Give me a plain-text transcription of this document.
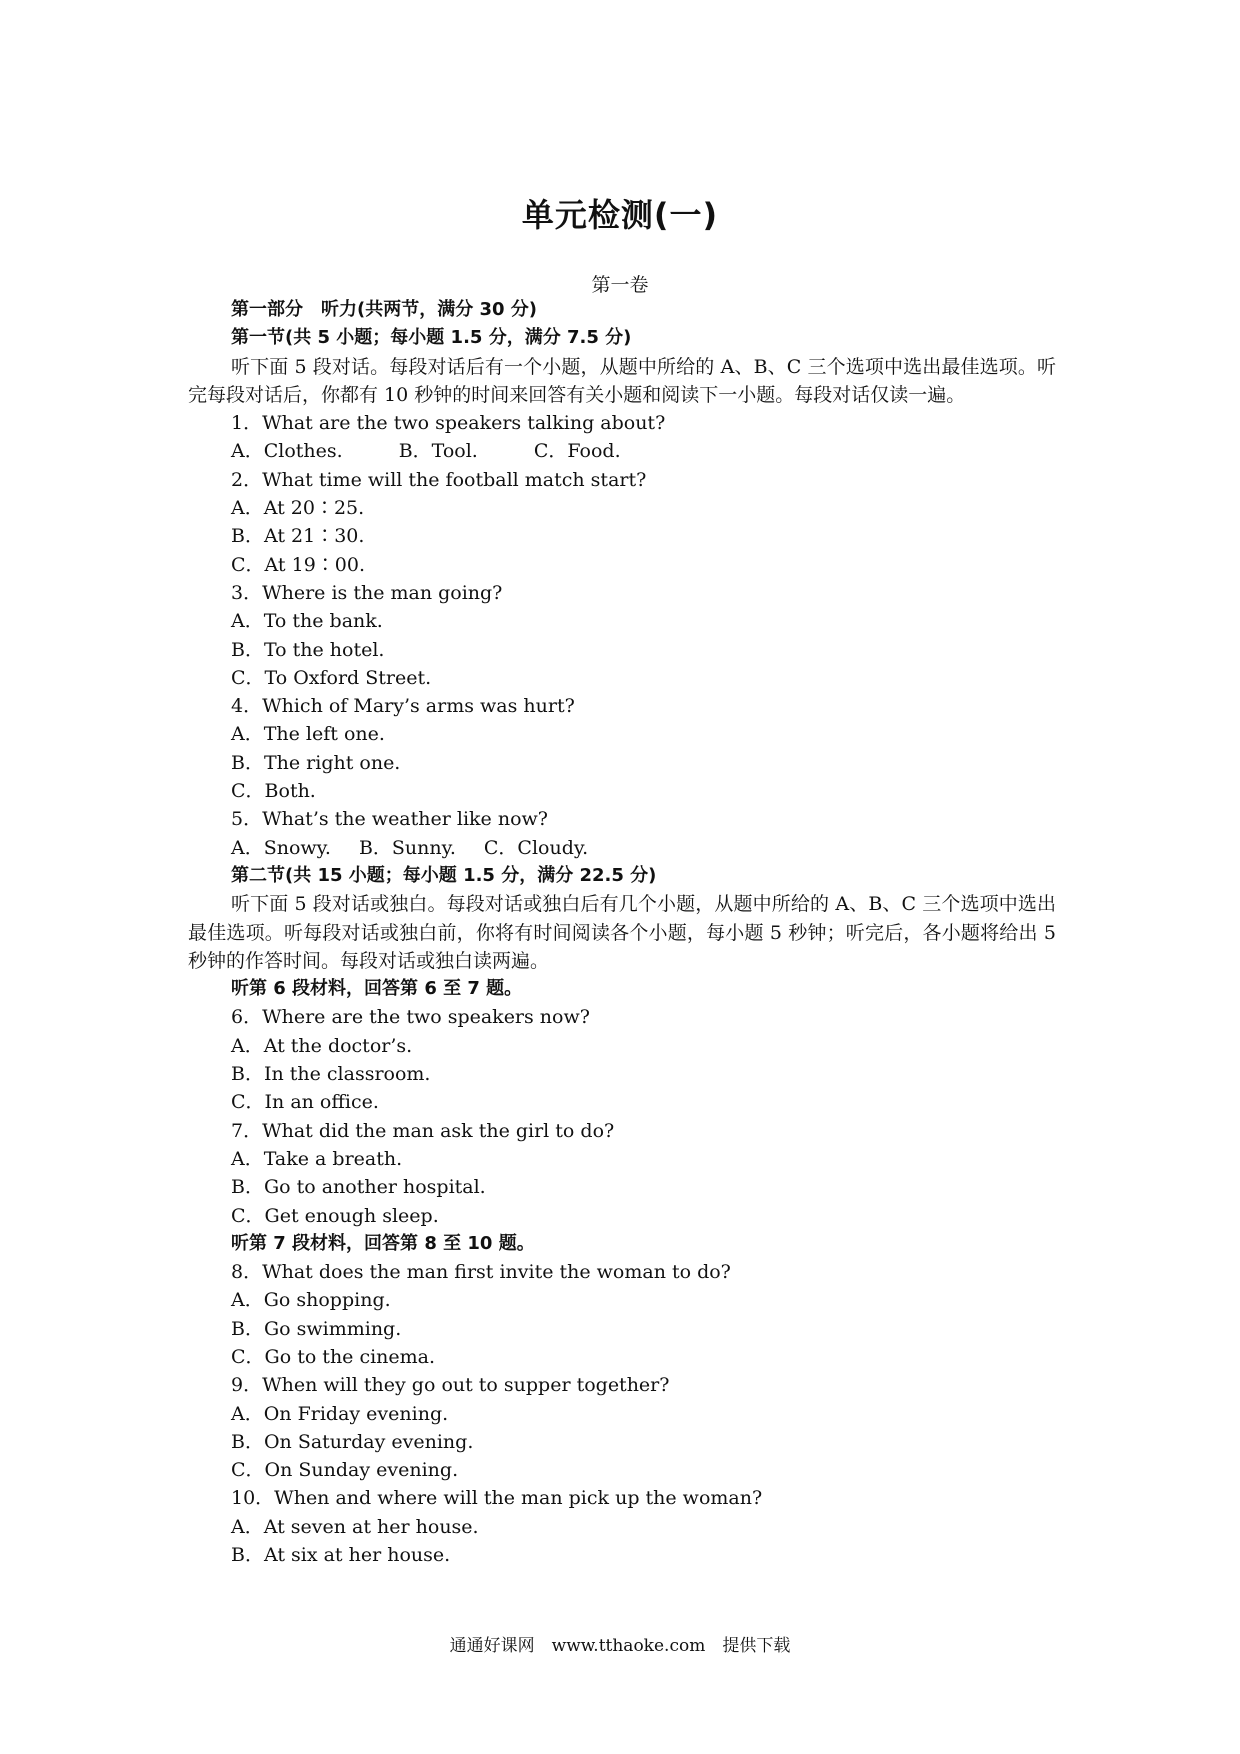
单元检测(一)
第一卷
第一部分　听力(共两节，满分 30 分)
第一节(共 5 小题；每小题 1.5 分，满分 7.5 分)
听下面 5 段对话。每段对话后有一个小题，从题中所给的 A、B、C 三个选项中选出最佳选项。听完每段对话后，你都有 10 秒钟的时间来回答有关小题和阅读下一小题。每段对话仅读一遍。
1．What are the two speakers talking about?
A．Clothes.	B．Tool.	C．Food.
2．What time will the football match start?
A．At 20∶25.
B．At 21∶30.
C．At 19∶00.
3．Where is the man going?
A．To the bank.
B．To the hotel.
C．To Oxford Street.
4．Which of Mary’s arms was hurt?
A．The left one.
B．The right one.
C．Both.
5．What’s the weather like now?
A．Snowy. B．Sunny. C．Cloudy.
第二节(共 15 小题；每小题 1.5 分，满分 22.5 分)
听下面 5 段对话或独白。每段对话或独白后有几个小题，从题中所给的 A、B、C 三个选项中选出最佳选项。听每段对话或独白前，你将有时间阅读各个小题，每小题 5 秒钟；听完后，各小题将给出 5 秒钟的作答时间。每段对话或独白读两遍。
听第 6 段材料，回答第 6 至 7 题。
6．Where are the two speakers now?
A．At the doctor’s.
B．In the classroom.
C．In an office.
7．What did the man ask the girl to do?
A．Take a breath.
B．Go to another hospital.
C．Get enough sleep.
听第 7 段材料，回答第 8 至 10 题。
8．What does the man first invite the woman to do?
A．Go shopping.
B．Go swimming.
C．Go to the cinema.
9．When will they go out to supper together?
A．On Friday evening.
B．On Saturday evening.
C．On Sunday evening.
10．When and where will the man pick up the woman?
A．At seven at her house.
B．At six at her house.
通通好课网　www.tthaoke.com　提供下载
